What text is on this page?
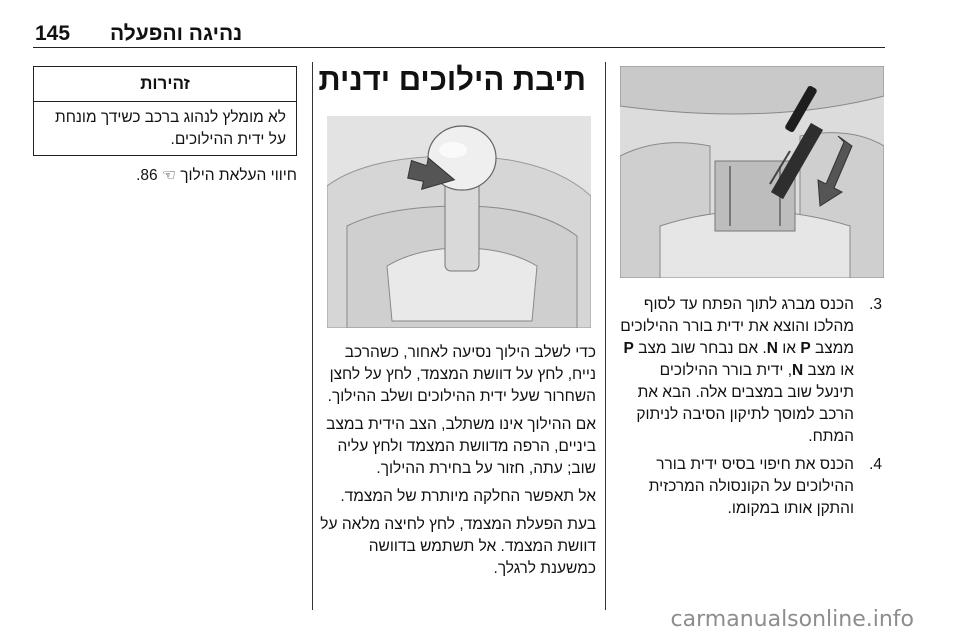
145 נהיגה והפעלה
זהירות
לא מומלץ לנהוג ברכב כשידך מונחת על ידית ההילוכים.
חיווי העלאת הילוך ☜ 86.
תיבת הילוכים ידנית

כדי לשלב הילוך נסיעה לאחור, כשהרכב נייח, לחץ על דוושת המצמד, לחץ על לחצן השחרור שעל ידית ההילוכים ושלב ההילוך.

אם ההילוך אינו משתלב, הצב הידית במצב ביניים, הרפה מדוושת המצמד ולחץ עליה שוב; עתה, חזור על בחירת ההילוך.

אל תאפשר החלקה מיותרת של המצמד.

בעת הפעלת המצמד, לחץ לחיצה מלאה על דוושת המצמד. אל תשתמש בדוושה כמשענת לרגלך.

3.
הכנס מברג לתוך הפתח עד לסוף מהלכו והוצא את ידית בורר ההילוכים ממצב P או N. אם נבחר שוב מצב P או מצב N, ידית בורר ההילוכים תינעל שוב במצבים אלה. הבא את הרכב למוסך לתיקון הסיבה לניתוק המתח.
4.
הכנס את חיפוי בסיס ידית בורר ההילוכים על הקונסולה המרכזית והתקן אותו במקומו.
carmanualsonline.info
